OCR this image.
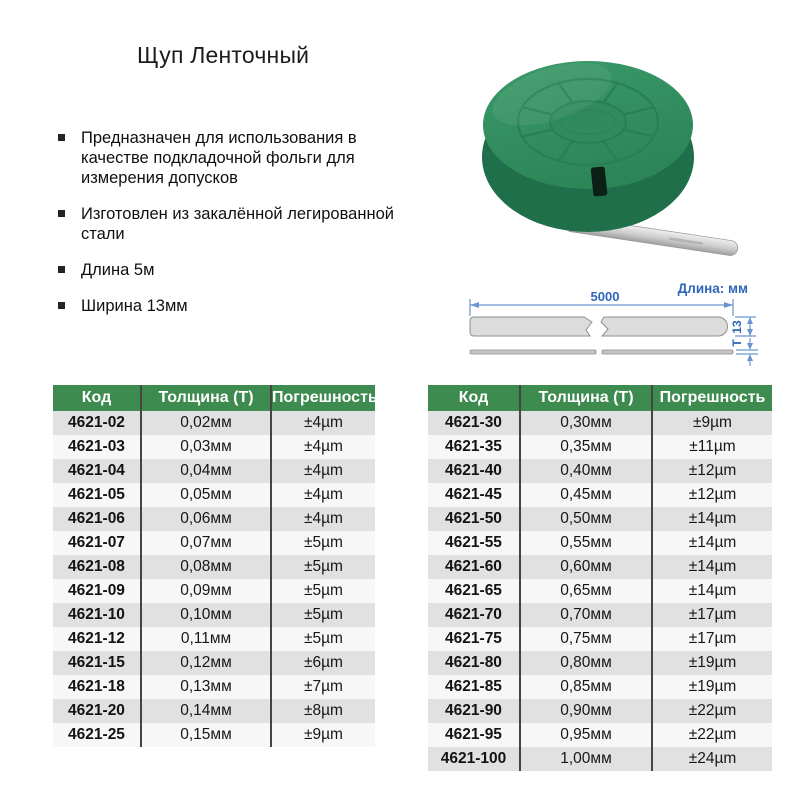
Щуп Ленточный
Предназначен для использования в качестве подкладочной фольги для измерения допусков
Изготовлен из закалённой легированной стали
Длина 5м
Ширина 13мм
Длина: мм
5000
13
T
Код	Толщина (Т)	Погрешность
4621-02	0,02мм	±4µm
4621-03	0,03мм	±4µm
4621-04	0,04мм	±4µm
4621-05	0,05мм	±4µm
4621-06	0,06мм	±4µm
4621-07	0,07мм	±5µm
4621-08	0,08мм	±5µm
4621-09	0,09мм	±5µm
4621-10	0,10мм	±5µm
4621-12	0,11мм	±5µm
4621-15	0,12мм	±6µm
4621-18	0,13мм	±7µm
4621-20	0,14мм	±8µm
4621-25	0,15мм	±9µm
Код	Толщина (Т)	Погрешность
4621-30	0,30мм	±9µm
4621-35	0,35мм	±11µm
4621-40	0,40мм	±12µm
4621-45	0,45мм	±12µm
4621-50	0,50мм	±14µm
4621-55	0,55мм	±14µm
4621-60	0,60мм	±14µm
4621-65	0,65мм	±14µm
4621-70	0,70мм	±17µm
4621-75	0,75мм	±17µm
4621-80	0,80мм	±19µm
4621-85	0,85мм	±19µm
4621-90	0,90мм	±22µm
4621-95	0,95мм	±22µm
4621-100	1,00мм	±24µm
